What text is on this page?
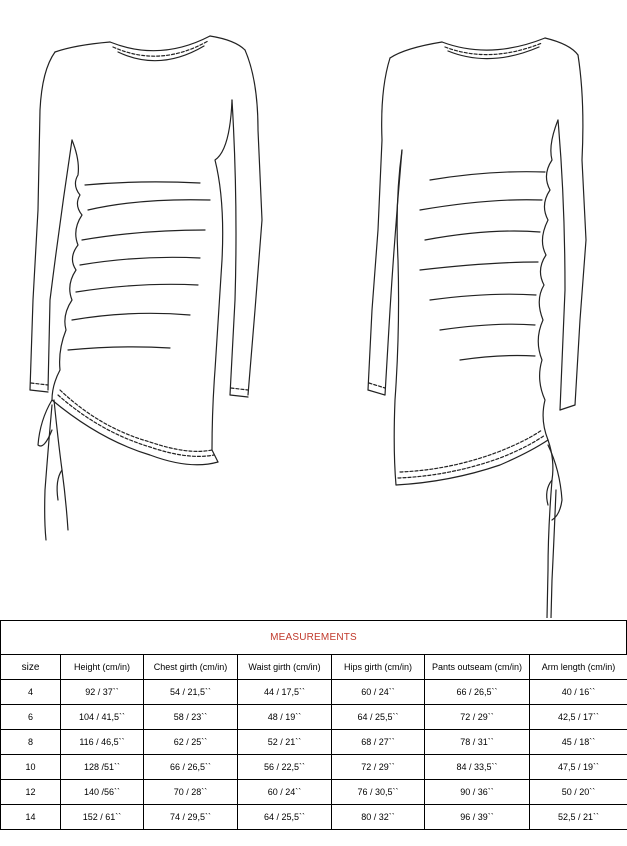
MEASUREMENTS
size	Height (cm/in)	Chest girth (cm/in)	Waist girth (cm/in)	Hips girth (cm/in)	Pants outseam (cm/in)	Arm length (cm/in)
4	92 / 37``	54 / 21,5``	44 / 17,5``	60 / 24``	66 / 26,5``	40 / 16``
6	104 / 41,5``	58 / 23``	48 / 19``	64 / 25,5``	72 / 29``	42,5 / 17``
8	116 / 46,5``	62 / 25``	52 / 21``	68 / 27``	78 / 31``	45 / 18``
10	128 /51``	66 / 26,5``	56 / 22,5``	72 / 29``	84 / 33,5``	47,5 / 19``
12	140 /56``	70 / 28``	60 / 24``	76 / 30,5``	90 / 36``	50 / 20``
14	152 / 61``	74 / 29,5``	64 / 25,5``	80 / 32``	96 / 39``	52,5 / 21``
